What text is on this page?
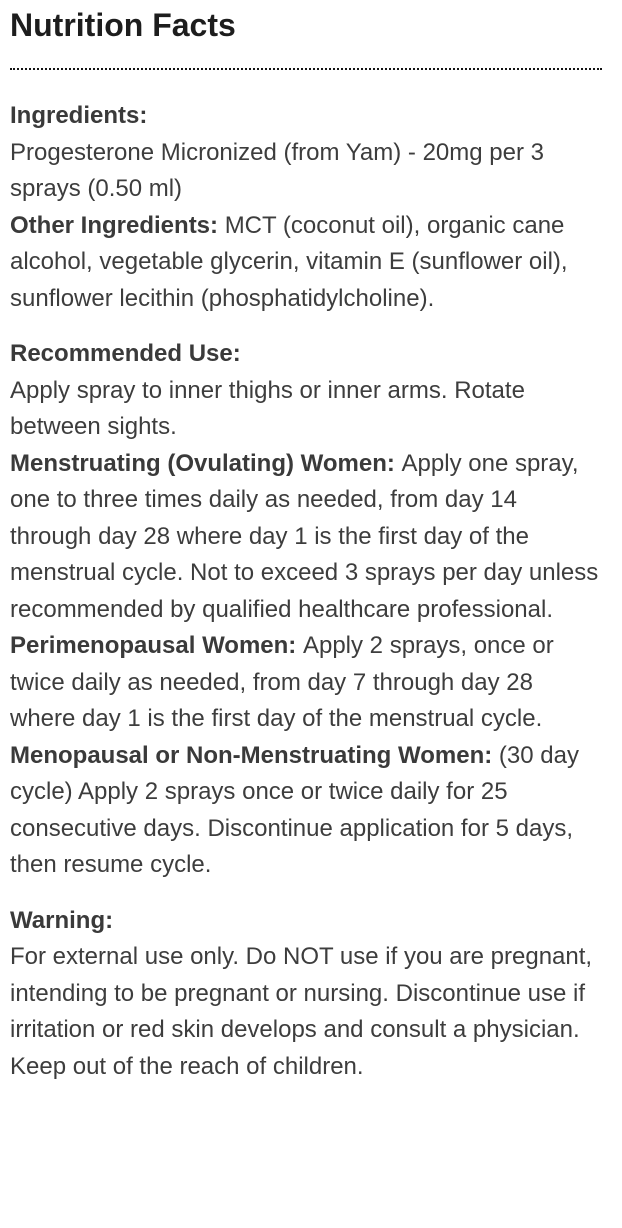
Nutrition Facts
Ingredients:
Progesterone Micronized (from Yam) - 20mg per 3 sprays (0.50 ml)
Other Ingredients: MCT (coconut oil), organic cane alcohol, vegetable glycerin, vitamin E (sunflower oil), sunflower lecithin (phosphatidylcholine).
Recommended Use:
Apply spray to inner thighs or inner arms. Rotate between sights.
Menstruating (Ovulating) Women: Apply one spray, one to three times daily as needed, from day 14 through day 28 where day 1 is the first day of the menstrual cycle. Not to exceed 3 sprays per day unless recommended by qualified healthcare professional.
Perimenopausal Women: Apply 2 sprays, once or twice daily as needed, from day 7 through day 28 where day 1 is the first day of the menstrual cycle.
Menopausal or Non-Menstruating Women: (30 day cycle) Apply 2 sprays once or twice daily for 25 consecutive days. Discontinue application for 5 days, then resume cycle.
Warning:
For external use only. Do NOT use if you are pregnant, intending to be pregnant or nursing. Discontinue use if irritation or red skin develops and consult a physician. Keep out of the reach of children.
